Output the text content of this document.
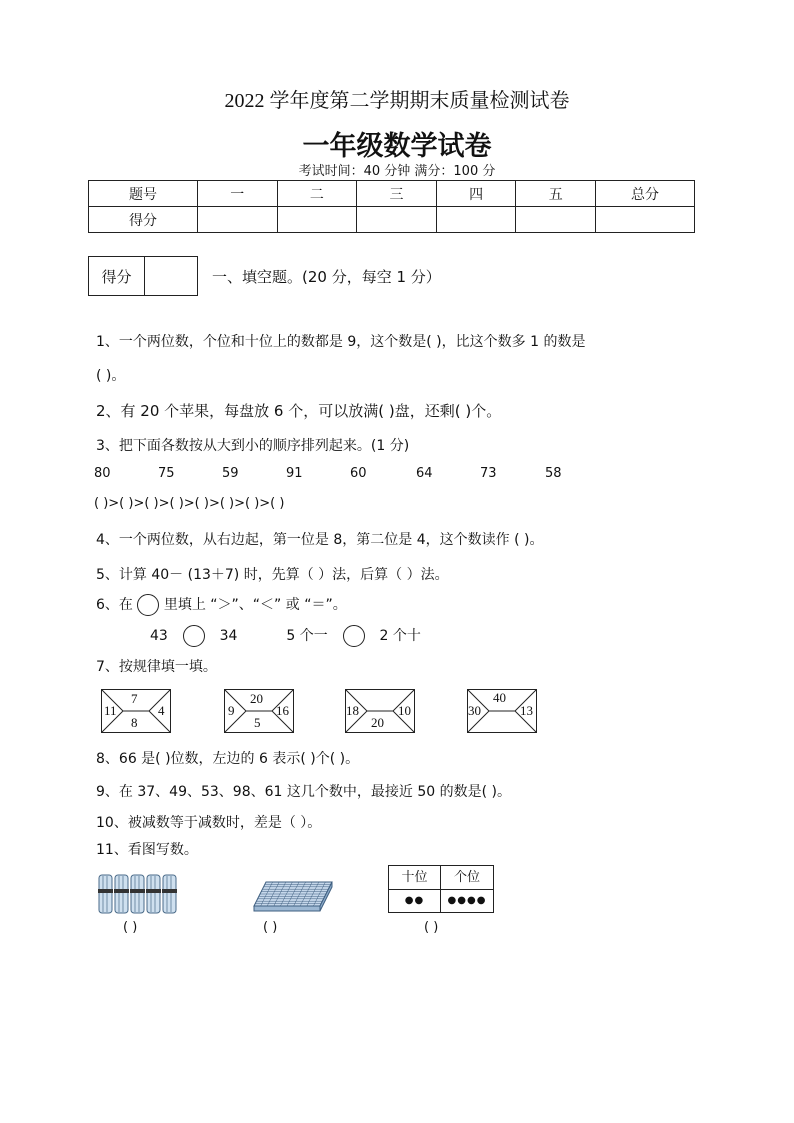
2022 学年度第二学期期末质量检测试卷
一年级数学试卷
考试时间：40 分钟 满分：100 分
题号	一	二	三	四	五	总分
得分						
得分	一、填空题。(20 分，每空 1 分）
1、一个两位数，个位和十位上的数都是 9，这个数是( )，比这个数多 1 的数是
( )。
2、有 20 个苹果，每盘放 6 个，可以放满( )盘，还剩( )个。
3、把下面各数按从大到小的顺序排列起来。(1 分)
80	75	59	91	60	64	73	58
( )>( )>( )>( )>( )>( )>( )>( )
4、一个两位数，从右边起，第一位是 8，第二位是 4，这个数读作 ( )。
5、计算 40－ (13＋7) 时，先算（ ）法，后算（ ）法。
6、在 里填上 “＞”、“＜” 或 “＝”。
43	34	5 个一	2 个十
7、按规律填一填。
7
11
8
4
20
9
5
16	18
20
10
40
30	13
8、66 是( )位数，左边的 6 表示( )个( )。
9、在 37、49、53、98、61 这几个数中，最接近 50 的数是( )。
10、被减数等于减数时，差是（ ）。
11、看图写数。
( )	( )
十位	个位
●●	●●●●
( )
